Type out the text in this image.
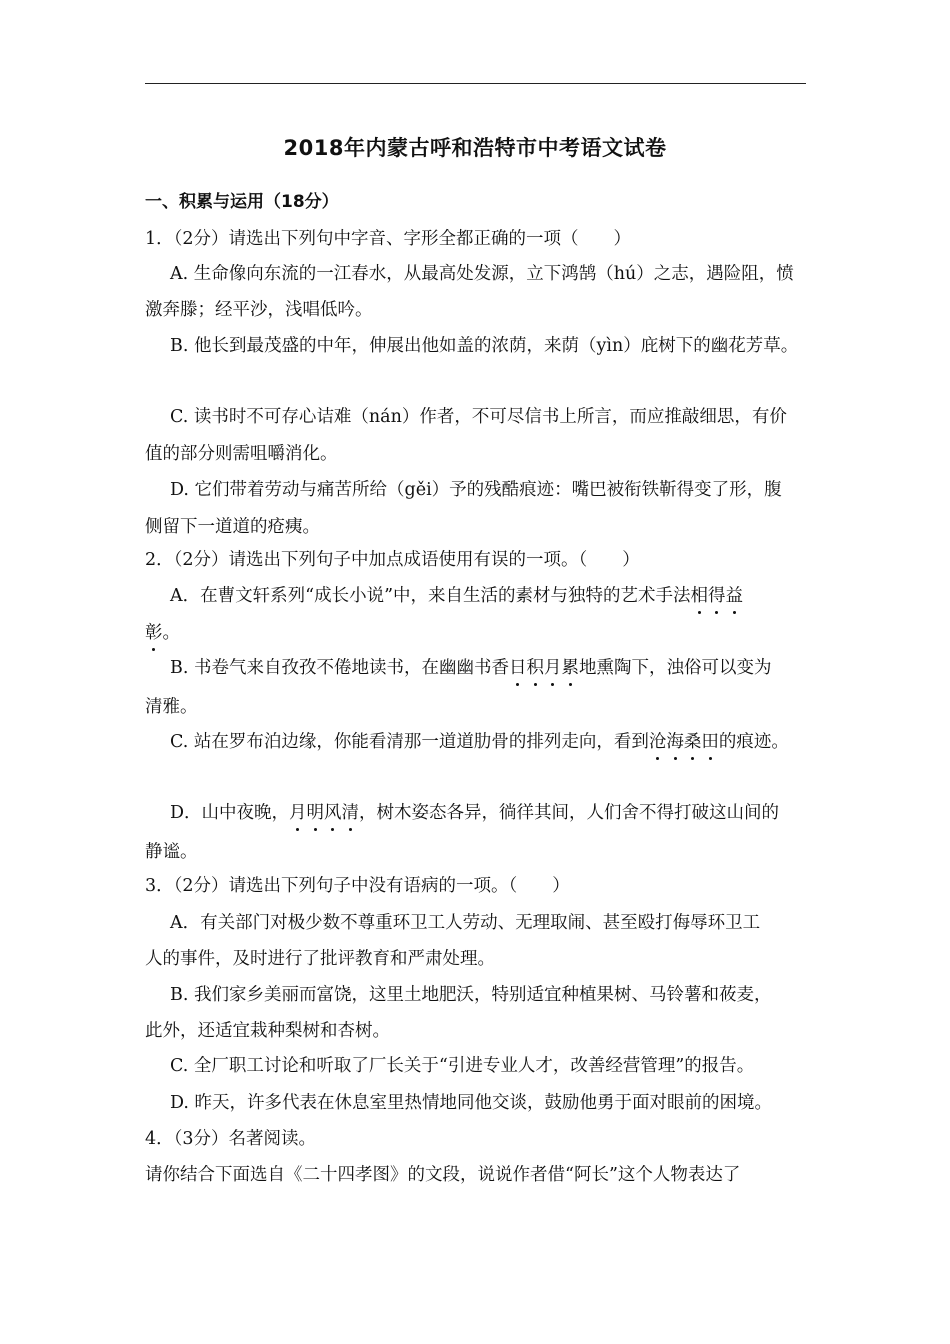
2018年内蒙古呼和浩特市中考语文试卷
一、积累与运用（18分）
1．（2分）请选出下列句中字音、字形全都正确的一项（　　）
A. 生命像向东流的一江春水，从最高处发源，立下鸿鹄（hú）之志，遇险阻，愤
激奔滕；经平沙，浅唱低吟。
B. 他长到最茂盛的中年，伸展出他如盖的浓荫，来荫（yìn）庇树下的幽花芳草。
C. 读书时不可存心诘难（nán）作者，不可尽信书上所言，而应推敲细思，有价
值的部分则需咀嚼消化。
D. 它们带着劳动与痛苦所给（gěi）予的残酷痕迹：嘴巴被衔铁靳得变了形，腹
侧留下一道道的疮痍。
2．（2分）请选出下列句子中加点成语使用有误的一项。（　　）
A．在曹文轩系列“成长小说”中，来自生活的素材与独特的艺术手法相得益
彰。
B. 书卷气来自孜孜不倦地读书，在幽幽书香日积月累地熏陶下，浊俗可以变为
清雅。
C. 站在罗布泊边缘，你能看清那一道道肋骨的排列走向，看到沧海桑田的痕迹。
D．山中夜晚，月明风清，树木姿态各异，徜徉其间，人们舍不得打破这山间的
静谧。
3．（2分）请选出下列句子中没有语病的一项。（　　）
A．有关部门对极少数不尊重环卫工人劳动、无理取闹、甚至殴打侮辱环卫工
人的事件，及时进行了批评教育和严肃处理。
B. 我们家乡美丽而富饶，这里土地肥沃，特别适宜种植果树、马铃薯和莜麦，
此外，还适宜栽种梨树和杏树。
C. 全厂职工讨论和听取了厂长关于“引进专业人才，改善经营管理”的报告。
D. 昨天，许多代表在休息室里热情地同他交谈，鼓励他勇于面对眼前的困境。
4．（3分）名著阅读。
请你结合下面选自《二十四孝图》的文段，说说作者借“阿长”这个人物表达了
